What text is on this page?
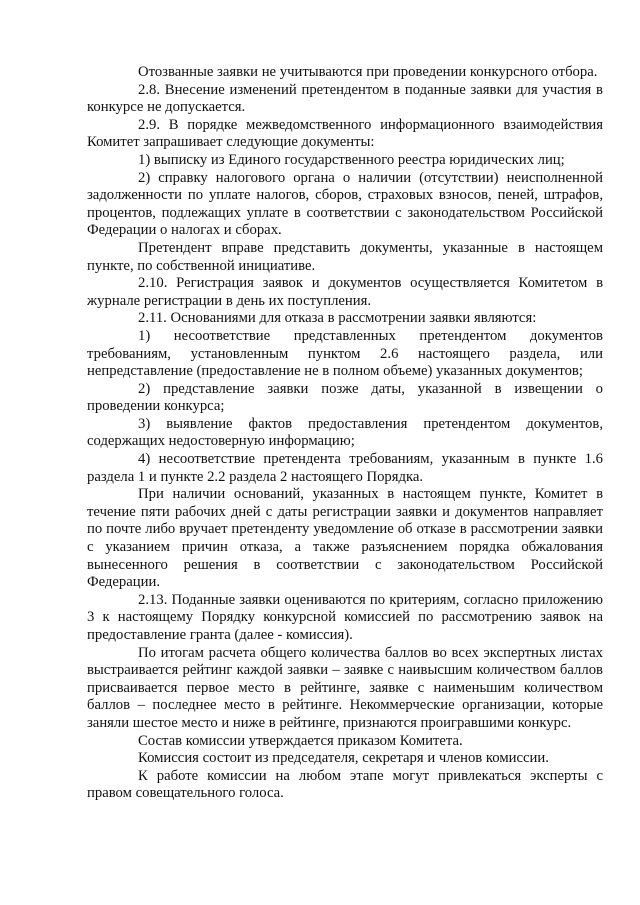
Отозванные заявки не учитываются при проведении конкурсного отбора.

2.8. Внесение изменений претендентом в поданные заявки для участия в конкурсе не допускается.

2.9. В порядке межведомственного информационного взаимодействия Комитет запрашивает следующие документы:

1) выписку из Единого государственного реестра юридических лиц;

2) справку налогового органа о наличии (отсутствии) неисполненной задолженности по уплате налогов, сборов, страховых взносов, пеней, штрафов, процентов, подлежащих уплате в соответствии с законодательством Российской Федерации о налогах и сборах.

Претендент вправе представить документы, указанные в настоящем пункте, по собственной инициативе.

2.10. Регистрация заявок и документов осуществляется Комитетом в журнале регистрации в день их поступления.

2.11. Основаниями для отказа в рассмотрении заявки являются:

1) несоответствие представленных претендентом документов требованиям, установленным пунктом 2.6 настоящего раздела, или непредставление (предоставление не в полном объеме) указанных документов;

2) представление заявки позже даты, указанной в извещении о проведении конкурса;

3) выявление фактов предоставления претендентом документов, содержащих недостоверную информацию;

4) несоответствие претендента требованиям, указанным в пункте 1.6 раздела 1 и пункте 2.2 раздела 2 настоящего Порядка.

При наличии оснований, указанных в настоящем пункте, Комитет в течение пяти рабочих дней с даты регистрации заявки и документов направляет по почте либо вручает претенденту уведомление об отказе в рассмотрении заявки с указанием причин отказа, а также разъяснением порядка обжалования вынесенного решения в соответствии с законодательством Российской Федерации.

2.13. Поданные заявки оцениваются по критериям, согласно приложению 3 к настоящему Порядку конкурсной комиссией по рассмотрению заявок на предоставление гранта (далее - комиссия).

По итогам расчета общего количества баллов во всех экспертных листах выстраивается рейтинг каждой заявки – заявке с наивысшим количеством баллов присваивается первое место в рейтинге, заявке с наименьшим количеством баллов – последнее место в рейтинге. Некоммерческие организации, которые заняли шестое место и ниже в рейтинге, признаются проигравшими конкурс.

Состав комиссии утверждается приказом Комитета.

Комиссия состоит из председателя, секретаря и членов комиссии.

К работе комиссии на любом этапе могут привлекаться эксперты с правом совещательного голоса.
